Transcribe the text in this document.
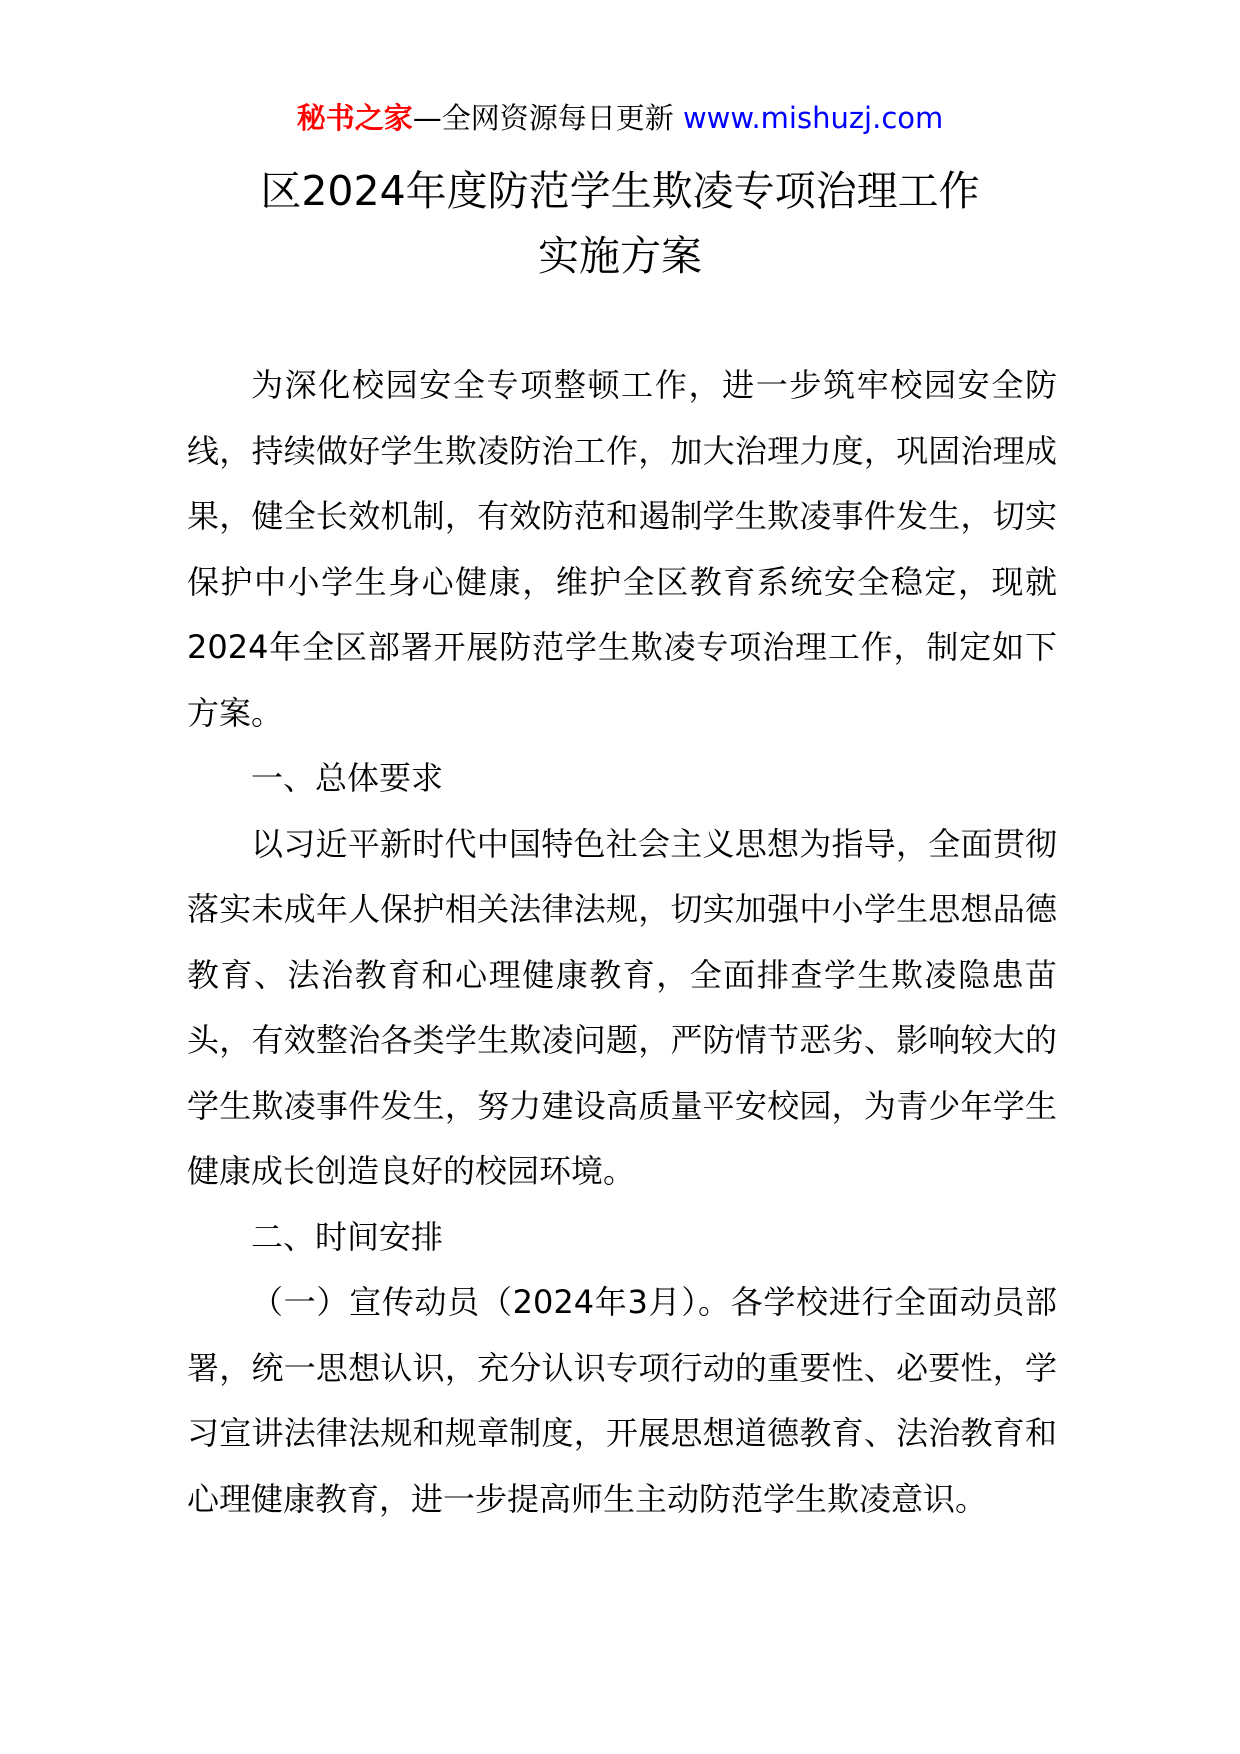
秘书之家—全网资源每日更新 www.mishuzj.com
区2024年度防范学生欺凌专项治理工作
实施方案

为深化校园安全专项整顿工作，进一步筑牢校园安全防线，持续做好学生欺凌防治工作，加大治理力度，巩固治理成果，健全长效机制，有效防范和遏制学生欺凌事件发生，切实保护中小学生身心健康，维护全区教育系统安全稳定，现就2024年全区部署开展防范学生欺凌专项治理工作，制定如下方案。

一、总体要求

以习近平新时代中国特色社会主义思想为指导，全面贯彻落实未成年人保护相关法律法规，切实加强中小学生思想品德教育、法治教育和心理健康教育，全面排查学生欺凌隐患苗头，有效整治各类学生欺凌问题，严防情节恶劣、影响较大的学生欺凌事件发生，努力建设高质量平安校园，为青少年学生健康成长创造良好的校园环境。

二、时间安排

（一）宣传动员（2024年3月）。各学校进行全面动员部署，统一思想认识，充分认识专项行动的重要性、必要性，学习宣讲法律法规和规章制度，开展思想道德教育、法治教育和心理健康教育，进一步提高师生主动防范学生欺凌意识。
